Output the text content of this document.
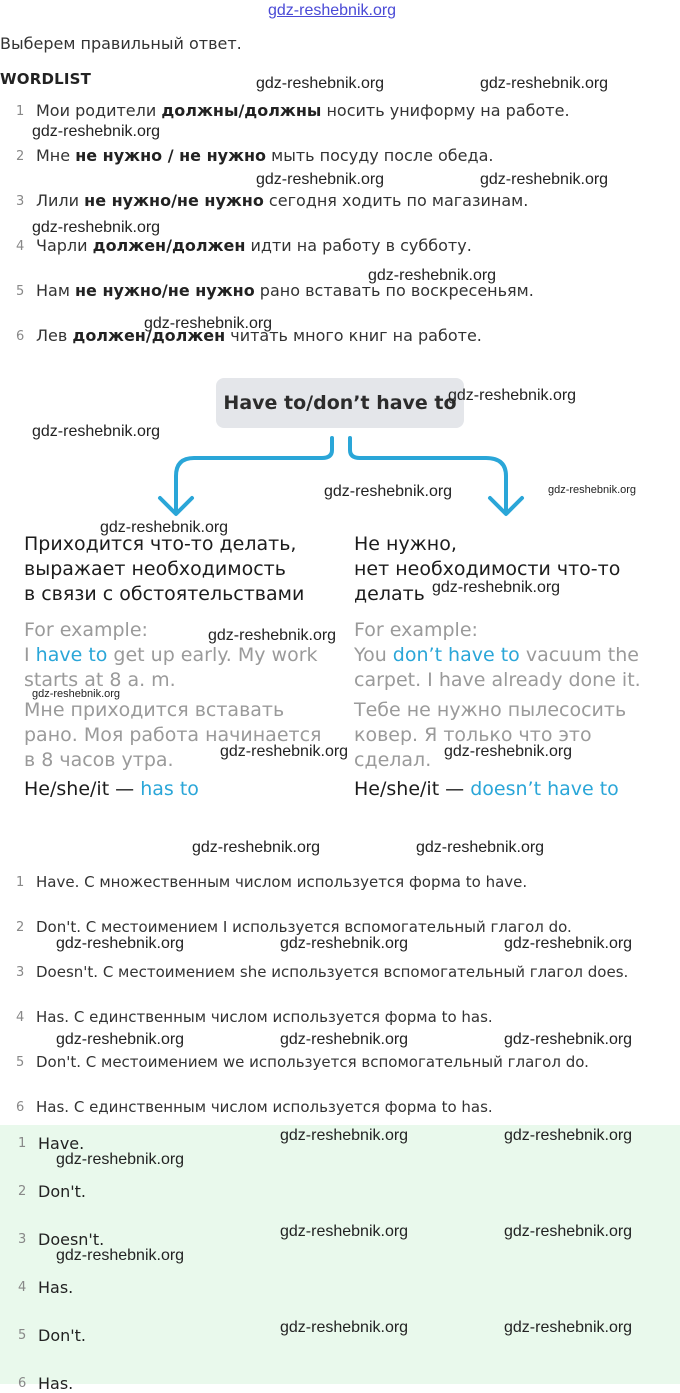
gdz-reshebnik.org
Выберем правильный ответ.
WORDLIST
1 Мои родители должны/должны носить униформу на работе.
2 Мне не нужно / не нужно мыть посуду после обеда.
3 Лили не нужно/не нужно сегодня ходить по магазинам.
4 Чарли должен/должен идти на работу в субботу.
5 Нам не нужно/не нужно рано вставать по воскресеньям.
6 Лев должен/должен читать много книг на работе.
Have to/don’t have to
Приходится что-то делать,
выражает необходимость
в связи с обстоятельствами
For example:
I have to get up early. My work
starts at 8 a. m.
Мне приходится вставать
рано. Моя работа начинается
в 8 часов утра.
He/she/it — has to
Не нужно,
нет необходимости что-то
делать
For example:
You don’t have to vacuum the
carpet. I have already done it.
Тебе не нужно пылесосить
ковер. Я только что это
сделал.
He/she/it — doesn’t have to
1 Have. С множественным числом используется форма to have.
2 Don't. С местоимением I используется вспомогательный глагол do.
3 Doesn't. С местоимением she используется вспомогательный глагол does.
4 Has. С единственным числом используется форма to has.
5 Don't. С местоимением we используется вспомогательный глагол do.
6 Has. С единственным числом используется форма to has.
1 Have.
2 Don't.
3 Doesn't.
4 Has.
5 Don't.
6 Has.
gdz-reshebnik.org	gdz-reshebnik.org
gdz-reshebnik.org
gdz-reshebnik.org	gdz-reshebnik.org
gdz-reshebnik.org
gdz-reshebnik.org
gdz-reshebnik.org
gdz-reshebnik.org
gdz-reshebnik.org
gdz-reshebnik.org	gdz-reshebnik.org
gdz-reshebnik.org
gdz-reshebnik.org
gdz-reshebnik.org
gdz-reshebnik.org
gdz-reshebnik.org	gdz-reshebnik.org
gdz-reshebnik.org	gdz-reshebnik.org
gdz-reshebnik.org	gdz-reshebnik.org	gdz-reshebnik.org
gdz-reshebnik.org	gdz-reshebnik.org	gdz-reshebnik.org
gdz-reshebnik.org	gdz-reshebnik.org
gdz-reshebnik.org
gdz-reshebnik.org	gdz-reshebnik.org
gdz-reshebnik.org
gdz-reshebnik.org	gdz-reshebnik.org
